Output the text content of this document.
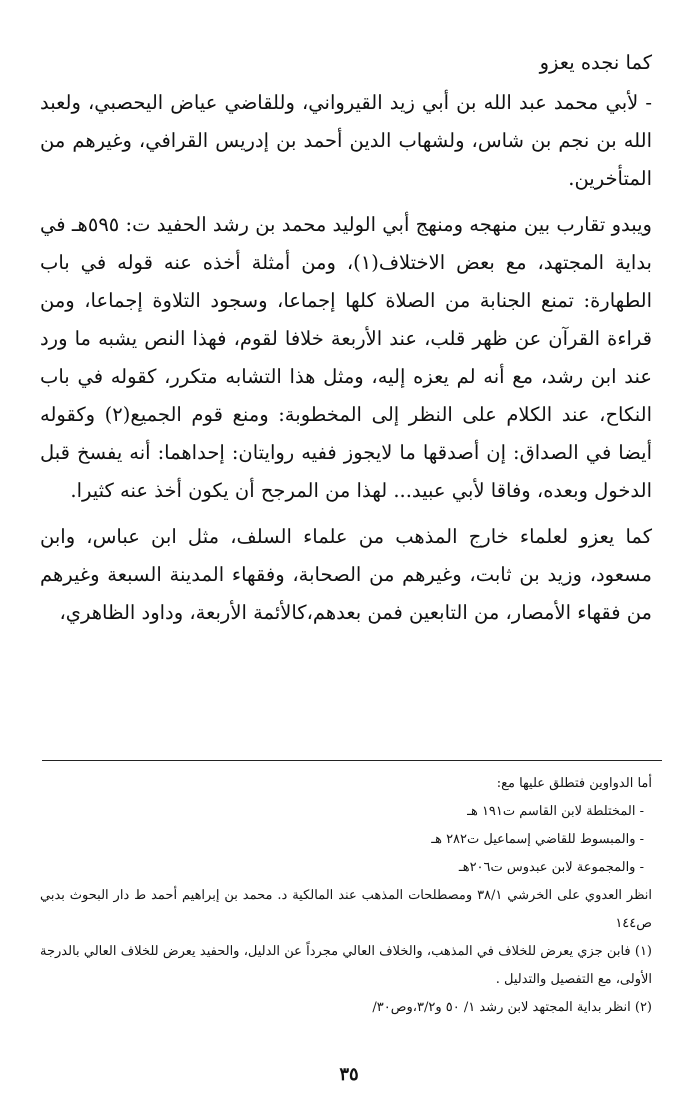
كما نجده يعزو

- لأبي محمد عبد الله بن أبي زيد القيرواني، وللقاضي عياض اليحصبي، ولعبد الله بن نجم بن شاس، ولشهاب الدين أحمد بن إدريس القرافي، وغيرهم من المتأخرين.

ويبدو تقارب بين منهجه ومنهج أبي الوليد محمد بن رشد الحفيد ت: ٥٩٥هـ في بداية المجتهد، مع بعض الاختلاف(١)، ومن أمثلة أخذه عنه قوله في باب الطهارة: تمنع الجنابة من الصلاة كلها إجماعا، وسجود التلاوة إجماعا، ومن قراءة القرآن عن ظهر قلب، عند الأربعة خلافا لقوم، فهذا النص يشبه ما ورد عند ابن رشد، مع أنه لم يعزه إليه، ومثل هذا التشابه متكرر، كقوله في باب النكاح، عند الكلام على النظر إلى المخطوبة: ومنع قوم الجميع(٢) وكقوله أيضا في الصداق: إن أصدقها ما لايجوز ففيه روايتان: إحداهما: أنه يفسخ قبل الدخول وبعده، وفاقا لأبي عبيد... لهذا من المرجح أن يكون أخذ عنه كثيرا.

كما يعزو لعلماء خارج المذهب من علماء السلف، مثل ابن عباس، وابن مسعود، وزيد بن ثابت، وغيرهم من الصحابة، وفقهاء المدينة السبعة وغيرهم من فقهاء الأمصار، من التابعين فمن بعدهم،كالأئمة الأربعة، وداود الظاهري،

أما الدواوين فتطلق عليها مع:

- المختلطة لابن القاسم ت١٩١ هـ

- والمبسوط للقاضي إسماعيل ت٢٨٢ هـ

- والمجموعة لابن عبدوس ت٢٠٦هـ

انظر العدوي على الخرشي ٣٨/١ ومصطلحات المذهب عند المالكية د. محمد بن إبراهيم أحمد ط دار البحوث بدبي ص١٤٤

(١) فابن جزي يعرض للخلاف في المذهب، والخلاف العالي مجرداً عن الدليل، والحفيد يعرض للخلاف العالي بالدرجة الأولى، مع التفصيل والتدليل .

(٢) انظر بداية المجتهد لابن رشد ١/ ٥٠ و٣/٢،وص٣٠/

٣٥
